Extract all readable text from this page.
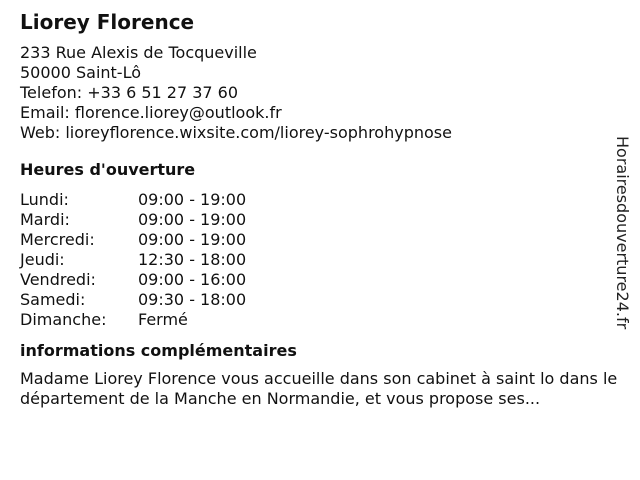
Liorey Florence
233 Rue Alexis de Tocqueville
50000 Saint-Lô
Telefon: +33 6 51 27 37 60
Email: florence.liorey@outlook.fr
Web: lioreyflorence.wixsite.com/liorey-sophrohypnose
Heures d'ouverture
Lundi:	09:00 - 19:00
Mardi:	09:00 - 19:00
Mercredi:	09:00 - 19:00
Jeudi:	12:30 - 18:00
Vendredi:	09:00 - 16:00
Samedi:	09:30 - 18:00
Dimanche:	Fermé
informations complémentaires
Madame Liorey Florence vous accueille dans son cabinet à saint lo dans le département de la Manche en Normandie, et vous propose ses...
Horairesdouverture24.fr
